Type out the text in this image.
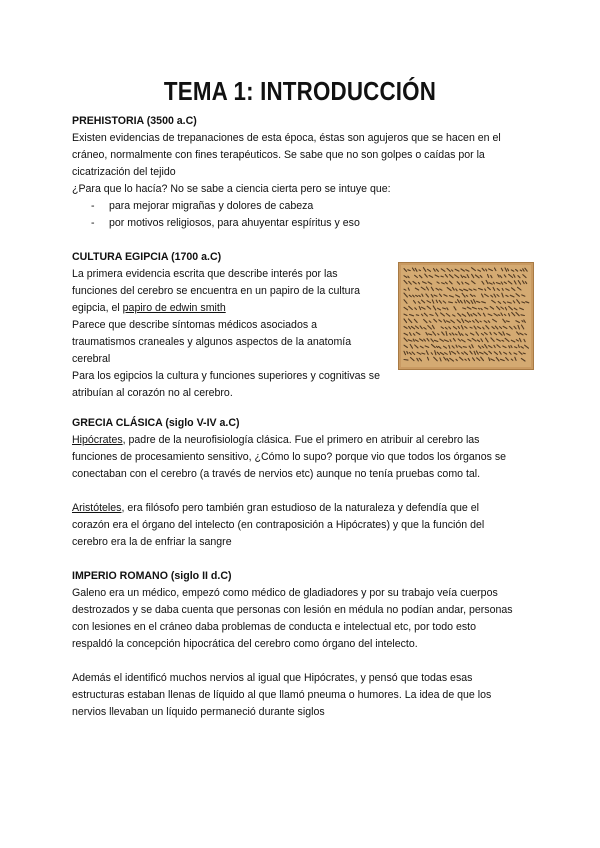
TEMA 1: INTRODUCCIÓN

PREHISTORIA (3500 a.C)

Existen evidencias de trepanaciones de esta época, éstas son agujeros que se hacen en el

cráneo, normalmente con fines terapéuticos. Se sabe que no son golpes o caídas por la

cicatrización del tejido

¿Para que lo hacía? No se sabe a ciencia cierta pero se intuye que:

- para mejorar migrañas y dolores de cabeza
- por motivos religiosos, para ahuyentar espíritus y eso

CULTURA EGIPCIA (1700 a.C)

La primera evidencia escrita que describe interés por las

funciones del cerebro se encuentra en un papiro de la cultura

egipcia, el papiro de edwin smith

Parece que describe síntomas médicos asociados a

traumatismos craneales y algunos aspectos de la anatomía

cerebral

Para los egipcios la cultura y funciones superiores y cognitivas se

atribuían al corazón no al cerebro.

GRECIA CLÁSICA (siglo V-IV a.C)

Hipócrates, padre de la neurofisiología clásica. Fue el primero en atribuir al cerebro las

funciones de procesamiento sensitivo, ¿Cómo lo supo? porque vio que todos los órganos se

conectaban con el cerebro (a través de nervios etc) aunque no tenía pruebas como tal.

Aristóteles, era filósofo pero también gran estudioso de la naturaleza y defendía que el

corazón era el órgano del intelecto (en contraposición a Hipócrates) y que la función del

cerebro era la de enfriar la sangre

IMPERIO ROMANO (siglo II d.C)

Galeno era un médico, empezó como médico de gladiadores y por su trabajo veía cuerpos

destrozados y se daba cuenta que personas con lesión en médula no podían andar, personas

con lesiones en el cráneo daba problemas de conducta e intelectual etc, por todo esto

respaldó la concepción hipocrática del cerebro como órgano del intelecto.

Además el identificó muchos nervios al igual que Hipócrates, y pensó que todas esas

estructuras estaban llenas de líquido al que llamó pneuma o humores. La idea de que los

nervios llevaban un líquido permaneció durante siglos
